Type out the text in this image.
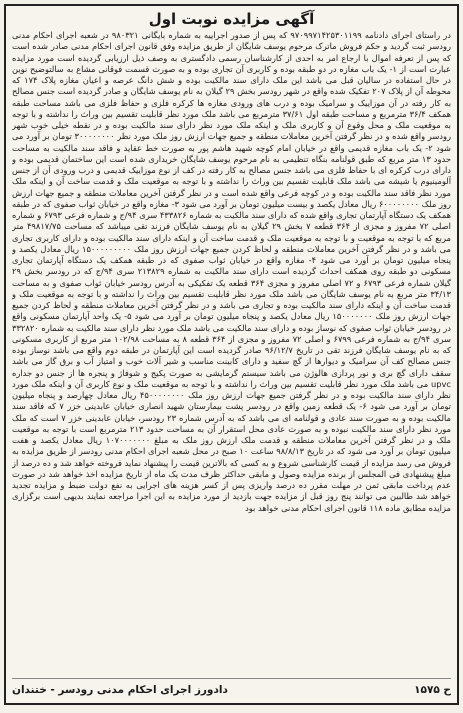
آگهی مزایده نوبت اول

در راستای اجرای دادنامه ۹۷۰۹۹۷۱۴۲۵۳۰۱۱۹۹ که پس از صدور اجراییه به شماره بایگانی ۹۸۰۳۲۱ در شعبه اجرای احکام مدنی رودسر ثبت گردید و حکم فروش ماترک مرحوم یوسف شایگان از طریق مزایده وفق قانون اجرای احکام مدنی صادر شده است که پس از تعرفه اموال با ارجاع امر به احدی از کارشناسان رسمی دادگستری به وصف ذیل ارزیابی گردیده است مورد مزایده عبارت است از ۱- یک باب مغازه در دو طبقه بوده و کاربری آن تجاری بوده و به صورت قسمت فوقانی مشاع به سالتوضیح نوین در حال استفاده در سالیان قبل می باشد این ملک دارای سند مالکیت بوده و شش دانگ عرصه و اعیان مغازه پلاک ۱۷۴ که محوطه آن از پلاک ۲۰۷ تفکیک شده واقع در شهر رودسر بخش ۲۹ گیلان به نام یوسف شایگان و صادر گردیده است جنس مصالح به کار رفته در آن موزاییک و سرامیک بوده و درب های ورودی مغازه ها کرکره فلزی و حفاظ فلزی می باشد مساحت طبقه همکف ۳۶/۴ مترمربع و مساحت طبقه اول ۳۷/۶۱ مترمربع می باشد ملک مورد نظر قابلیت تقسیم بین وراث را نداشته و با توجه به موقعیت ملک و محل وقوع آن و کاربری ملک و اینکه ملک مورد نظر دارای سند مالکیت بوده و در نقطه خیلی خوب شهر رودسر واقع شده و در نظر گرفتن آخرین معاملات منطقه و جمیع جهات ارزش روز ملک مورد نظر ۳۰۰۰۰۰۰۰۰ تومان بر آورد می شود ۲- یک باب مغازه قدیمی واقع در خیابان امام کوچه شهید هاشم پور به صورت خط عقاید و فاقد سند مالکیت به مساحت حدود ۱۳ متر مربع که طبق قولنامه بنگاه تنظیمی به نام مرحوم یوسف شایگان خریداری شده است این ساختمان قدیمی بوده و دارای درب کرکره ای با حفاظ فلزی می باشد جنس مصالح به کار رفته در کف از نوع موزاییک قدیمی و درب ورودی آن از جنس آلومینیوم یا شیشه می باشد ملک قابلیت تقسیم بین وراث را نداشته و با توجه به موقعیت ملک و قدمت ساخت آن و اینکه ملک مورد نظر فاقد سند مالکیت بوده و در کوچه فرعی واقع شده است و در نظر گرفتن آخرین معاملات منطقه و جمیع جهات ارزش روز ملک ۶۰۰۰۰۰۰۰۰ ریال معادل یکصد و بیست میلیون تومان بر آورد می شود ۳- مغازه واقع در خیابان ثواب صفوی که در طبقه همکف یک دستگاه آپارتمان تجاری واقع شده که دارای سند مالکیت به شماره ۴۳۳۸۲۶ سری ۹۴/ج و شماره فرعی ۶۷۹۳ و شماره اصلی ۷۲ مفروز و مجزی از ۳۶۴ قطعه ۷ بخش ۲۹ گیلان به نام یوسف شایگان فرزند تقی میباشد که مساحت ۴۹۸۱۷/۷۵ متر مربع که با توجه به موقعیت و با توجه به موقعیت ملک و قدمت ساخت آن و اینکه دارای سند مالکیت بوده و دارای کاربری تجاری می باشد و در نظر گرفتن آخرین معاملات منطقه و لحاظ کردن جمیع جهات ارزش روز ملک ۱۵۰۰۰۰۰۰۰۰۰ ریال معادل یکصد و پنجاه میلیون تومان بر آورد می شود ۴- مغازه واقع در خیابان ثواب صفوی که در طبقه همکف یک دستگاه آپارتمان تجاری مسکونی دو طبقه روی همکف احداث گردیده است دارای سند مالکیت به شماره ۲۱۳۸۲۹ سری ۹۴/ج که در رودسر بخش ۲۹ گیلان شماره فرعی ۶۷۹۳ و ۷۲ اصلی مفروز و مجزی ۳۶۴ قطعه یک تفکیکی به آدرس رودسر خیابان ثواب صفوی و به مساحت ۳۴/۱۳ متر مربع به نام یوسف شایگان می باشد ملک مورد نظر قابلیت تقسیم بین وراث را نداشته و با توجه به موقعیت ملک و قدمت ساخت آن و اینکه دارای سند مالکیت بوده و تجاری می باشد و در نظر گرفتن آخرین معاملات منطقه و لحاظ کردن جمیع جهات ارزش روز ملک ۱۵۰۰۰۰۰۰۰ ریال معادل یکصد و پنجاه میلیون تومان بر آورد می شود ۵- یک واحد آپارتمان مسکونی واقع در رودسر خیابان ثواب صفوی که نوساز بوده و دارای سند مالکیت می باشد ملک مورد نظر دارای سند مالکیت به شماره ۳۳۲۸۲۰ سری ۹۴/ج به شماره فرعی ۶۷۹۹ و اصلی ۷۲ مفروز و مجزی از ۳۶۴ قطعه ۸ به مساحت ۱۰۲/۹۸ متر مربع از کاربری مسکونی که به نام یوسف شایگان فرزند تقی در تاریخ ۹۶/۱۲/۷ صادر گردیده است این آپارتمان در طبقه دوم واقع می باشد نوساز بوده جنس مصالح کف آن سرامیک و دیوارها از گچ سفید و دارای کابینت مناسب و شیر آلات خوب و امتیاز آب و برق گاز می باشد سقف دارای گچ بری و نور پردازی هالوژن می باشد سیستم گرمایشی به صورت پکیج و شوفاژ و پنجره ها از جنس دو جداره upvc می باشد ملک مورد نظر قابلیت تقسیم بین وراث را نداشته و با توجه به موقعیت ملک و نوع کاربری آن و اینکه ملک مورد نظر دارای سند مالکیت بوده و در نظر گرفتن جمیع جهات ارزش روز ملک ۴۵۰۰۰۰۰۰۰۰ ریال معادل چهارصد و پنجاه میلیون تومان بر آورد می شود ۶- یک قطعه زمین واقع در رودسر پشت بیمارستان شهید انصاری خیابان عابدینی خزر ۷ که فاقد سند مالکیت بوده و به صورت سند عادی و قولنامه ای می باشد که به آدرس شماره ۲۳ رودسر، خیابان عابدینی خزر ۷ است که ملک مورد نظر دارای سند مالکیت نبوده و به صورت عادی محل استقرار آن به مساحت حدود ۲۱۳ مترمربع است با توجه به موقعیت ملک و در نظر گرفتن آخرین معاملات منطقه و قدمت ملک ارزش روز ملک به مبلغ ۱۰۷۰۰۰۰۰۰۰ ریال معادل یکصد و هفت میلیون تومان بر آورد می شود که در تاریخ ۹۸/۸/۱۳ ساعت ۱۰ صبح در محل شعبه اجرای احکام مدنی رودسر از طریق مزایده به فروش می رسد مزایده از قیمت کارشناسی شروع و به کسی که بالاترین قیمت را پیشنهاد نماید فروخته خواهد شد و ده درصد از مبلغ پیشنهادی فی المجلس از برنده مزایده وصول و مابقی حداکثر ظرف مدت یک ماه از تاریخ مزایده اخذ خواهد شد در صورت عدم پرداخت مابقی ثمن در مهلت مقرر ده درصد واریزی پس از کسر هزینه های اجرایی به نفع دولت ضبط و مزایده تجدید خواهد شد طالبین می توانند پنج روز قبل از مزایده جهت بازدید از مورد مزایده به این اجرا مراجعه نمایند بدیهی است برگزاری مزایده مطابق ماده ۱۱۸ قانون اجرای احکام مدنی خواهد بود

ح ۱۵۷۵
دادورز اجرای احکام مدنی رودسر - ختندان
